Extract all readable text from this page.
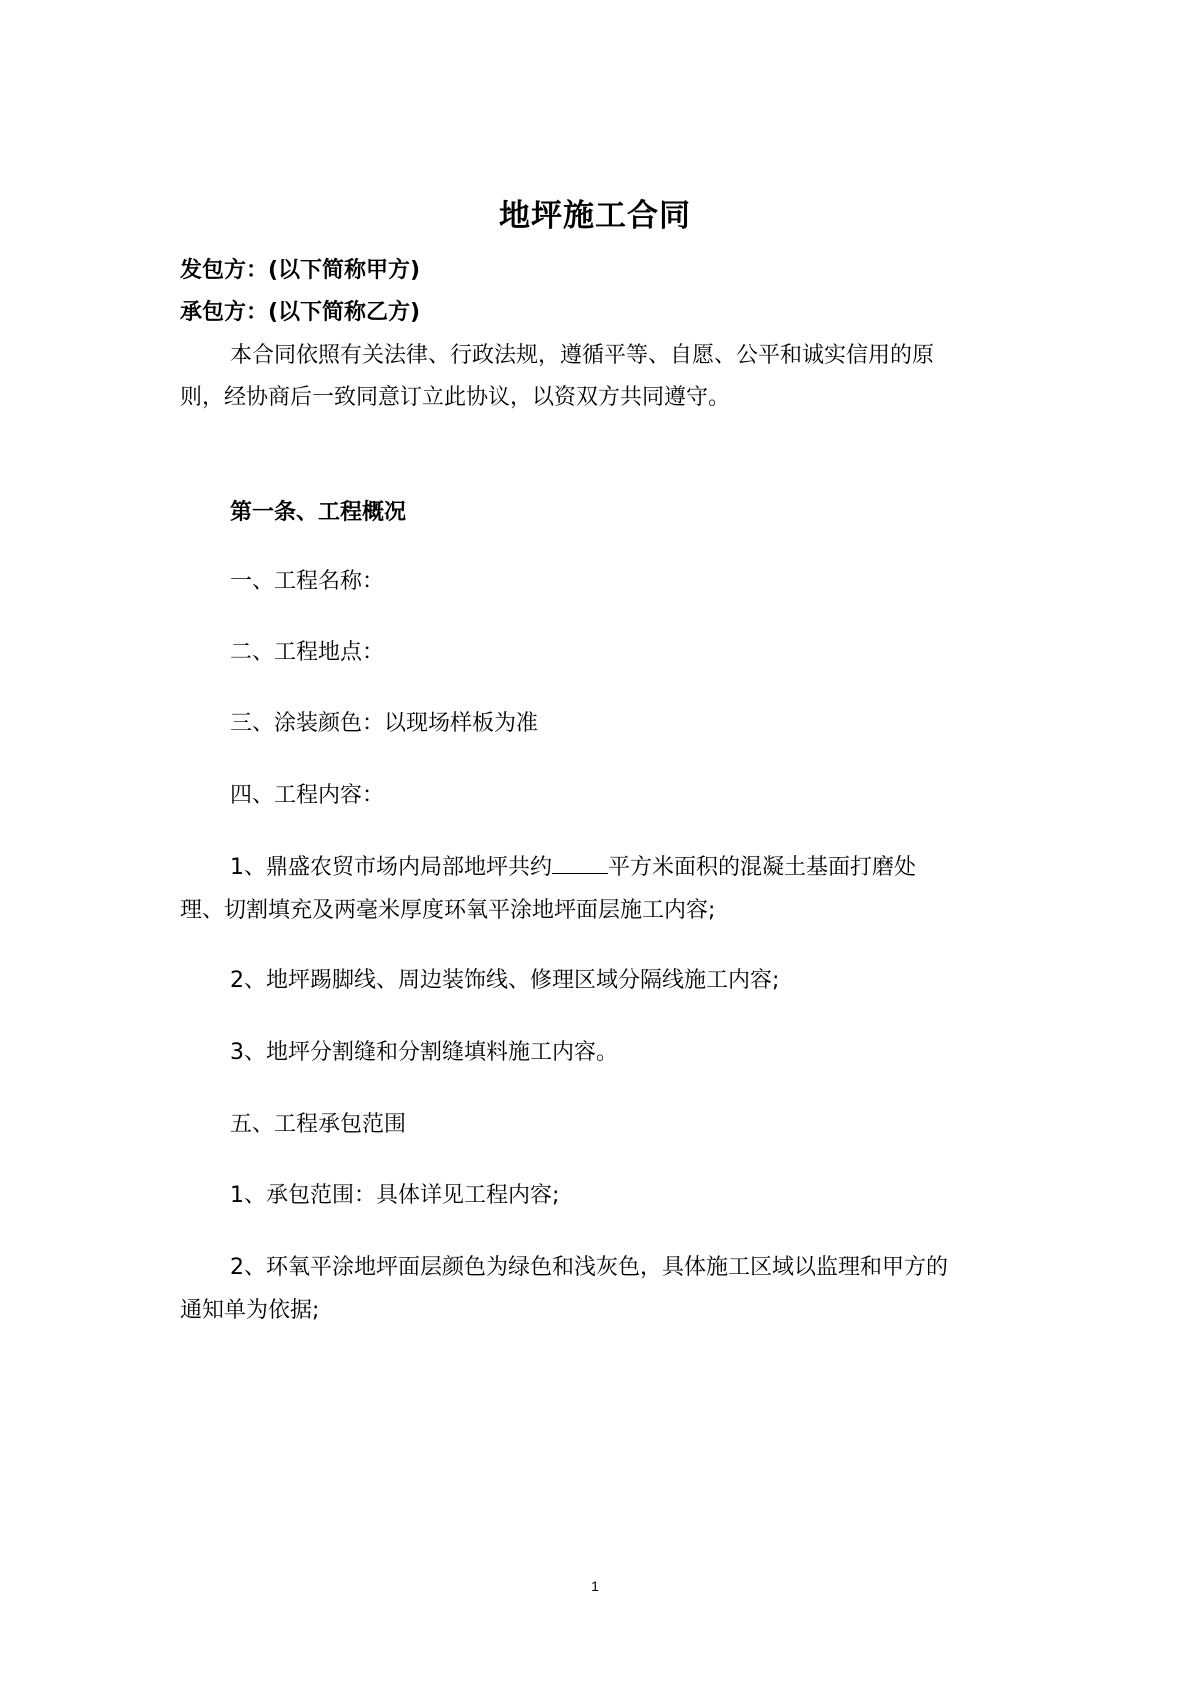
地坪施工合同
发包方：(以下简称甲方)
承包方：(以下简称乙方)
本合同依照有关法律、行政法规，遵循平等、自愿、公平和诚实信用的原
则，经协商后一致同意订立此协议，以资双方共同遵守。
第一条、工程概况
一、工程名称：
二、工程地点：
三、涂装颜色：以现场样板为准
四、工程内容：
1、鼎盛农贸市场内局部地坪共约	平方米面积的混凝土基面打磨处
理、切割填充及两毫米厚度环氧平涂地坪面层施工内容;
2、地坪踢脚线、周边装饰线、修理区域分隔线施工内容;
3、地坪分割缝和分割缝填料施工内容。
五、工程承包范围
1、承包范围：具体详见工程内容;
2、环氧平涂地坪面层颜色为绿色和浅灰色，具体施工区域以监理和甲方的
通知单为依据;
1
